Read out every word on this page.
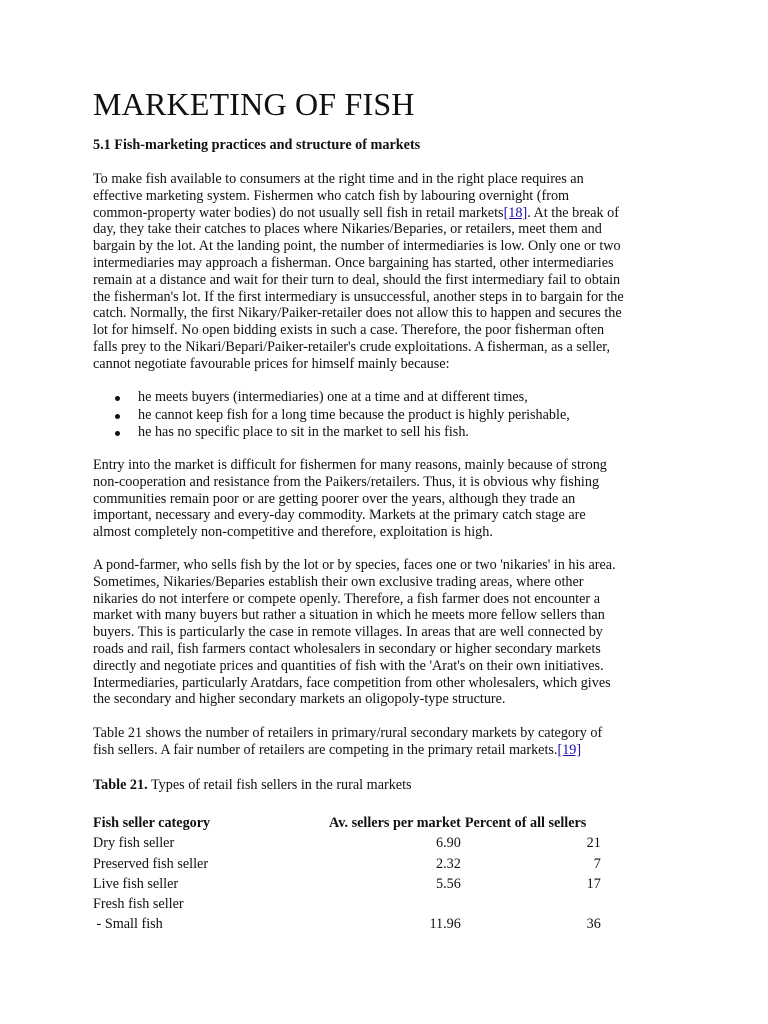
MARKETING OF FISH

5.1 Fish-marketing practices and structure of markets

To make fish available to consumers at the right time and in the right place requires an
effective marketing system. Fishermen who catch fish by labouring overnight (from
common-property water bodies) do not usually sell fish in retail markets[18]. At the break of
day, they take their catches to places where Nikaries/Beparies, or retailers, meet them and
bargain by the lot. At the landing point, the number of intermediaries is low. Only one or two
intermediaries may approach a fisherman. Once bargaining has started, other intermediaries
remain at a distance and wait for their turn to deal, should the first intermediary fail to obtain
the fisherman's lot. If the first intermediary is unsuccessful, another steps in to bargain for the
catch. Normally, the first Nikary/Paiker-retailer does not allow this to happen and secures the
lot for himself. No open bidding exists in such a case. Therefore, the poor fisherman often
falls prey to the Nikari/Bepari/Paiker-retailer's crude exploitations. A fisherman, as a seller,
cannot negotiate favourable prices for himself mainly because:

he meets buyers (intermediaries) one at a time and at different times,
he cannot keep fish for a long time because the product is highly perishable,
he has no specific place to sit in the market to sell his fish.

Entry into the market is difficult for fishermen for many reasons, mainly because of strong
non-cooperation and resistance from the Paikers/retailers. Thus, it is obvious why fishing
communities remain poor or are getting poorer over the years, although they trade an
important, necessary and every-day commodity. Markets at the primary catch stage are
almost completely non-competitive and therefore, exploitation is high.

A pond-farmer, who sells fish by the lot or by species, faces one or two 'nikaries' in his area.
Sometimes, Nikaries/Beparies establish their own exclusive trading areas, where other
nikaries do not interfere or compete openly. Therefore, a fish farmer does not encounter a
market with many buyers but rather a situation in which he meets more fellow sellers than
buyers. This is particularly the case in remote villages. In areas that are well connected by
roads and rail, fish farmers contact wholesalers in secondary or higher secondary markets
directly and negotiate prices and quantities of fish with the 'Arat's on their own initiatives.
Intermediaries, particularly Aratdars, face competition from other wholesalers, which gives
the secondary and higher secondary markets an oligopoly-type structure.

Table 21 shows the number of retailers in primary/rural secondary markets by category of
fish sellers. A fair number of retailers are competing in the primary retail markets.[19]

Table 21. Types of retail fish sellers in the rural markets

Fish seller category	Av. sellers per market	Percent of all sellers
Dry fish seller	6.90	21
Preserved fish seller	2.32	7
Live fish seller	5.56	17
Fresh fish seller		
- Small fish	11.96	36
